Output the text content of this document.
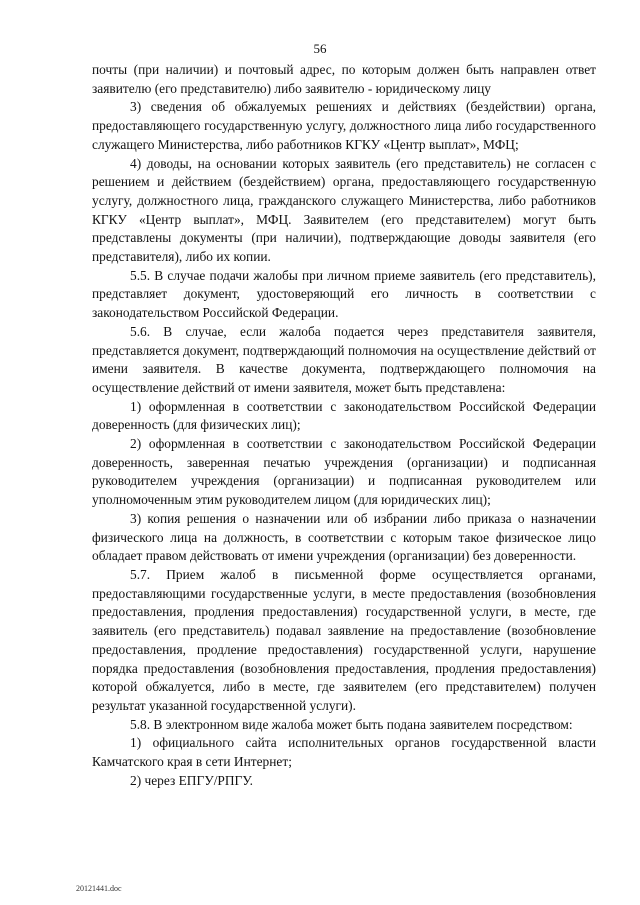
56

почты (при наличии) и почтовый адрес, по которым должен быть направлен ответ заявителю (его представителю) либо заявителю - юридическому лицу

3) сведения об обжалуемых решениях и действиях (бездействии) органа, предоставляющего государственную услугу, должностного лица либо государственного служащего Министерства, либо работников КГКУ «Центр выплат», МФЦ;

4) доводы, на основании которых заявитель (его представитель) не согласен с решением и действием (бездействием) органа, предоставляющего государственную услугу, должностного лица, гражданского служащего Министерства, либо работников КГКУ «Центр выплат», МФЦ. Заявителем (его представителем) могут быть представлены документы (при наличии), подтверждающие доводы заявителя (его представителя), либо их копии.

5.5. В случае подачи жалобы при личном приеме заявитель (его представитель), представляет документ, удостоверяющий его личность в соответствии с законодательством Российской Федерации.

5.6. В случае, если жалоба подается через представителя заявителя, представляется документ, подтверждающий полномочия на осуществление действий от имени заявителя. В качестве документа, подтверждающего полномочия на осуществление действий от имени заявителя, может быть представлена:

1) оформленная в соответствии с законодательством Российской Федерации доверенность (для физических лиц);

2) оформленная в соответствии с законодательством Российской Федерации доверенность, заверенная печатью учреждения (организации) и подписанная руководителем учреждения (организации) и подписанная руководителем или уполномоченным этим руководителем лицом (для юридических лиц);

3) копия решения о назначении или об избрании либо приказа о назначении физического лица на должность, в соответствии с которым такое физическое лицо обладает правом действовать от имени учреждения (организации) без доверенности.

5.7. Прием жалоб в письменной форме осуществляется органами, предоставляющими государственные услуги, в месте предоставления (возобновления предоставления, продления предоставления) государственной услуги, в месте, где заявитель (его представитель) подавал заявление на предоставление (возобновление предоставления, продление предоставления) государственной услуги, нарушение порядка предоставления (возобновления предоставления, продления предоставления) которой обжалуется, либо в месте, где заявителем (его представителем) получен результат указанной государственной услуги).

5.8. В электронном виде жалоба может быть подана заявителем посредством:

1) официального сайта исполнительных органов государственной власти Камчатского края в сети Интернет;

2) через ЕПГУ/РПГУ.

20121441.doc
